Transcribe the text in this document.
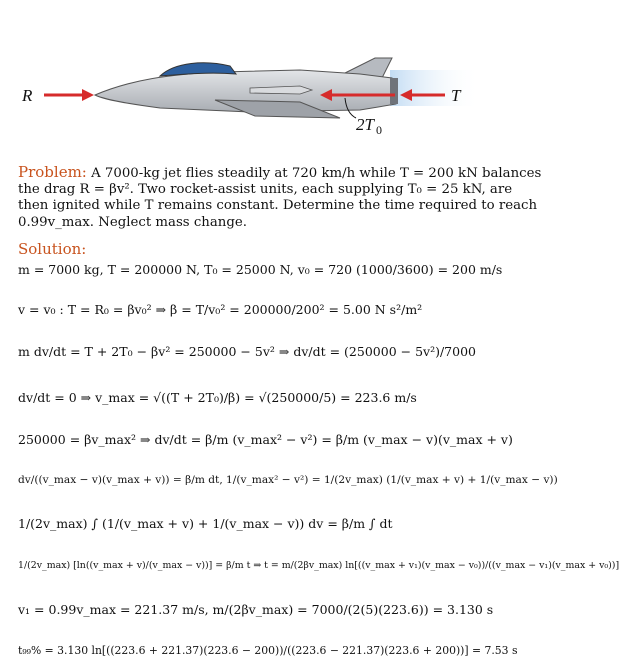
R	T
2T 0
Problem: A 7000-kg jet flies steadily at 720 km/h while T = 200 kN balances
the drag R = βv². Two rocket-assist units, each supplying T₀ = 25 kN, are
then ignited while T remains constant. Determine the time required to reach
0.99v_max. Neglect mass change.
Solution:
m = 7000 kg, T = 200000 N, T₀ = 25000 N, v₀ = 720 (1000/3600) = 200 m/s
v = v₀ : T = R₀ = βv₀² ⇒ β = T/v₀² = 200000/200² = 5.00 N s²/m²
m dv/dt = T + 2T₀ − βv² = 250000 − 5v² ⇒ dv/dt = (250000 − 5v²)/7000
dv/dt = 0 ⇒ v_max = √((T + 2T₀)/β) = √(250000/5) = 223.6 m/s
250000 = βv_max² ⇒ dv/dt = β/m (v_max² − v²) = β/m (v_max − v)(v_max + v)
dv/((v_max − v)(v_max + v)) = β/m dt, 1/(v_max² − v²) = 1/(2v_max) (1/(v_max + v) + 1/(v_max − v))
1/(2v_max) ∫ (1/(v_max + v) + 1/(v_max − v)) dv = β/m ∫ dt
1/(2v_max) [ln((v_max + v)/(v_max − v))] = β/m t ⇒ t = m/(2βv_max) ln[((v_max + v₁)(v_max − v₀))/((v_max − v₁)(v_max + v₀))]
v₁ = 0.99v_max = 221.37 m/s, m/(2βv_max) = 7000/(2(5)(223.6)) = 3.130 s
t₉₉% = 3.130 ln[((223.6 + 221.37)(223.6 − 200))/((223.6 − 221.37)(223.6 + 200))] = 7.53 s
